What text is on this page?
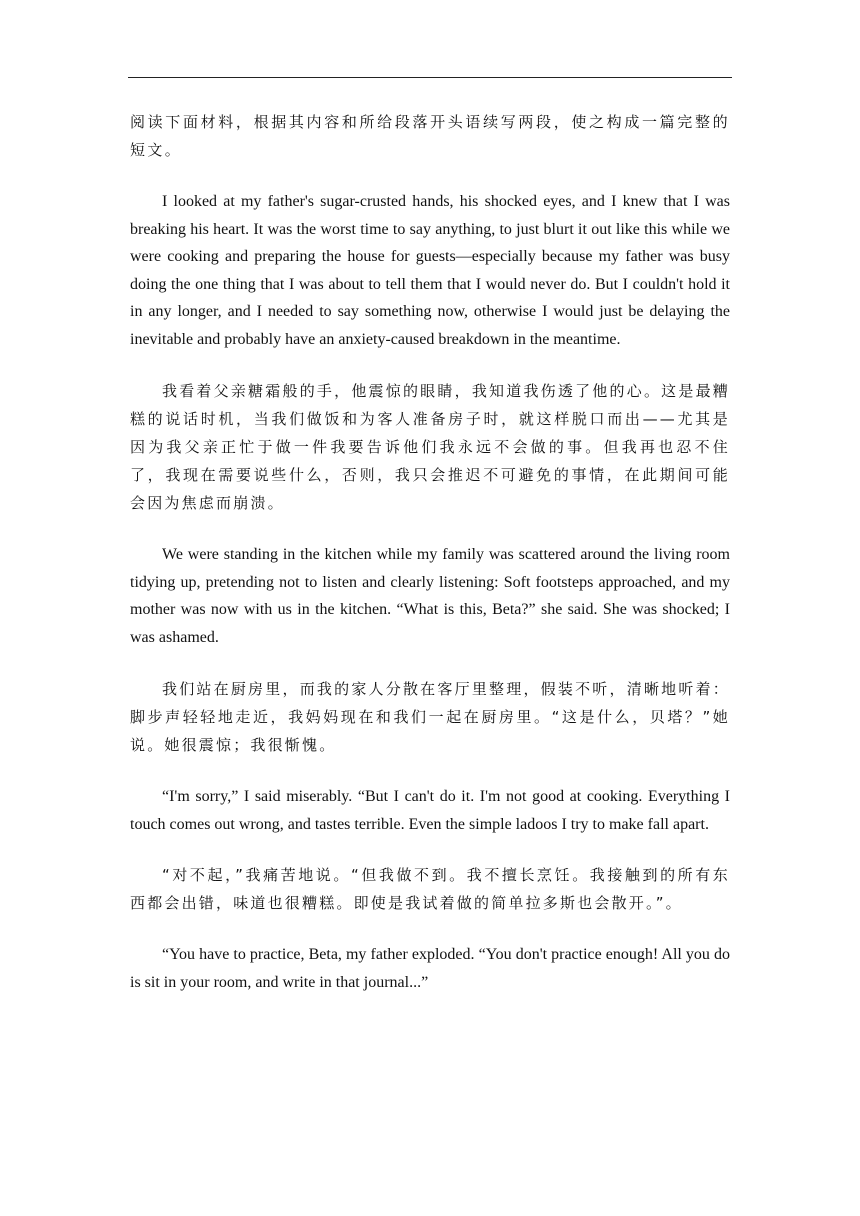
阅读下面材料，根据其内容和所给段落开头语续写两段，使之构成一篇完整的短文。

I looked at my father's sugar-crusted hands, his shocked eyes, and I knew that I was breaking his heart. It was the worst time to say anything, to just blurt it out like this while we were cooking and preparing the house for guests—especially because my father was busy doing the one thing that I was about to tell them that I would never do. But I couldn't hold it in any longer, and I needed to say something now, otherwise I would just be delaying the inevitable and probably have an anxiety-caused breakdown in the meantime.

我看着父亲糖霜般的手，他震惊的眼睛，我知道我伤透了他的心。这是最糟糕的说话时机，当我们做饭和为客人准备房子时，就这样脱口而出——尤其是因为我父亲正忙于做一件我要告诉他们我永远不会做的事。但我再也忍不住了，我现在需要说些什么，否则，我只会推迟不可避免的事情，在此期间可能会因为焦虑而崩溃。

We were standing in the kitchen while my family was scattered around the living room tidying up, pretending not to listen and clearly listening: Soft footsteps approached, and my mother was now with us in the kitchen. “What is this, Beta?” she said. She was shocked; I was ashamed.

我们站在厨房里，而我的家人分散在客厅里整理，假装不听，清晰地听着：脚步声轻轻地走近，我妈妈现在和我们一起在厨房里。“这是什么，贝塔？”她说。她很震惊；我很惭愧。

“I'm sorry,” I said miserably. “But I can't do it. I'm not good at cooking. Everything I touch comes out wrong, and tastes terrible. Even the simple ladoos I try to make fall apart.

“对不起，”我痛苦地说。“但我做不到。我不擅长烹饪。我接触到的所有东西都会出错，味道也很糟糕。即使是我试着做的简单拉多斯也会散开。”。

“You have to practice, Beta, my father exploded. “You don't practice enough! All you do is sit in your room, and write in that journal...”
